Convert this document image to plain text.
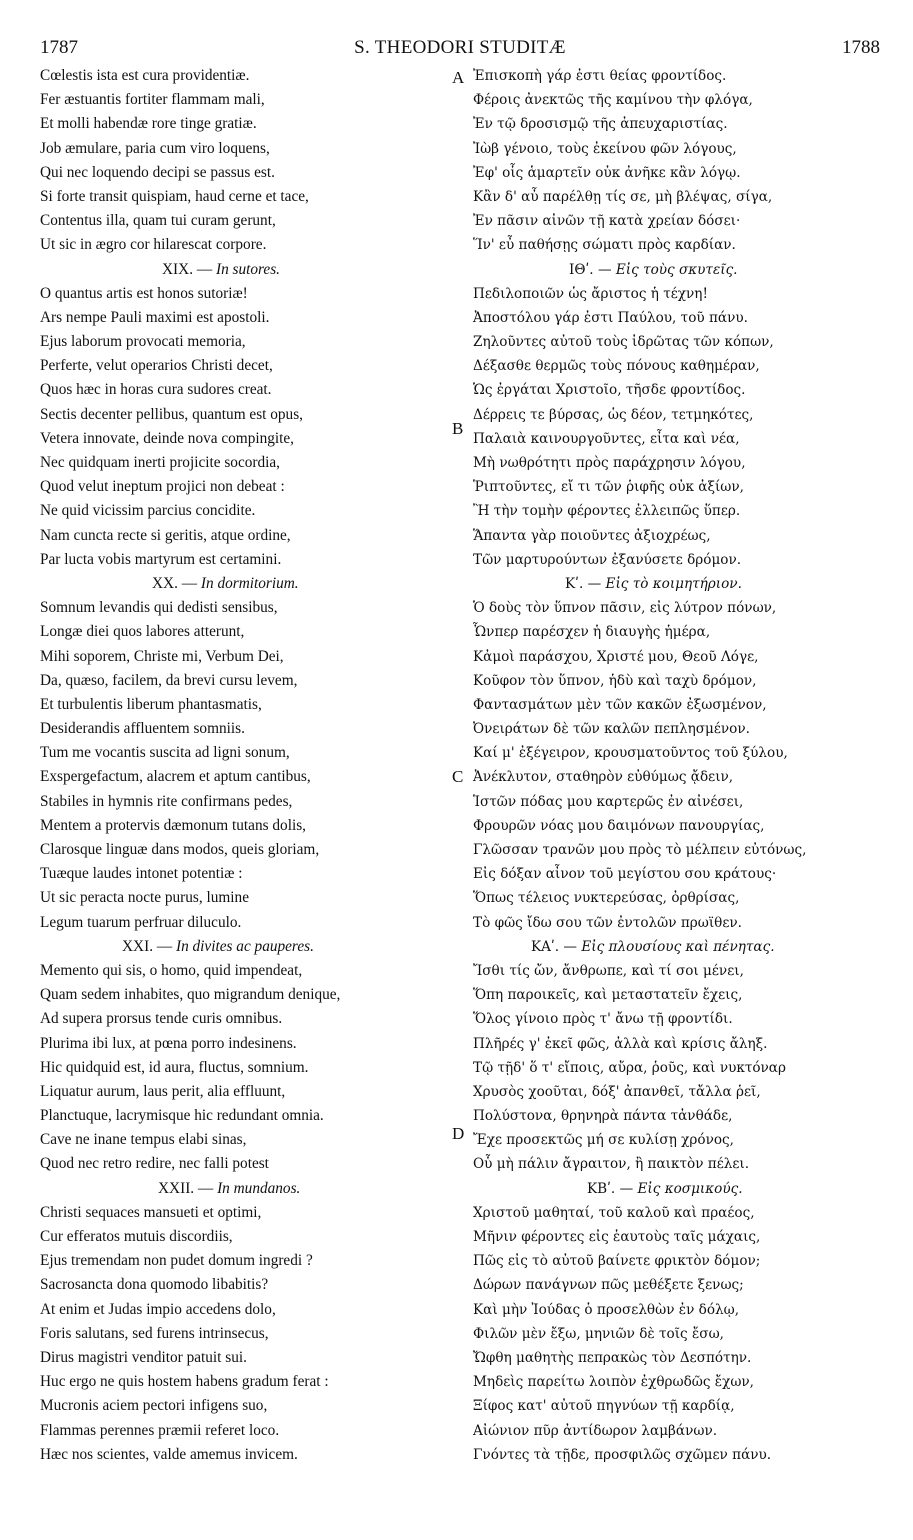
1787	S. THEODORI STUDITÆ	1788
A
B
C
D
Cœlestis ista est cura providentiæ.
Fer æstuantis fortiter flammam mali,
Et molli habendæ rore tinge gratiæ.
Job æmulare, paria cum viro loquens,
Qui nec loquendo decipi se passus est.
Si forte transit quispiam, haud cerne et tace,
Contentus illa, quam tui curam gerunt,
Ut sic in ægro cor hilarescat corpore.
XIX. — In sutores.
O quantus artis est honos sutoriæ!
Ars nempe Pauli maximi est apostoli.
Ejus laborum provocati memoria,
Perferte, velut operarios Christi decet,
Quos hæc in horas cura sudores creat.
Sectis decenter pellibus, quantum est opus,
Vetera innovate, deinde nova compingite,
Nec quidquam inerti projicite socordia,
Quod velut ineptum projici non debeat :
Ne quid vicissim parcius concidite.
Nam cuncta recte si geritis, atque ordine,
Par lucta vobis martyrum est certamini.
XX. — In dormitorium.
Somnum levandis qui dedisti sensibus,
Longæ diei quos labores atterunt,
Mihi soporem, Christe mi, Verbum Dei,
Da, quæso, facilem, da brevi cursu levem,
Et turbulentis liberum phantasmatis,
Desiderandis affluentem somniis.
Tum me vocantis suscita ad ligni sonum,
Exspergefactum, alacrem et aptum cantibus,
Stabiles in hymnis rite confirmans pedes,
Mentem a protervis dæmonum tutans dolis,
Clarosque linguæ dans modos, queis gloriam,
Tuæque laudes intonet potentiæ :
Ut sic peracta nocte purus, lumine
Legum tuarum perfruar diluculo.
XXI. — In divites ac pauperes.
Memento qui sis, o homo, quid impendeat,
Quam sedem inhabites, quo migrandum denique,
Ad supera prorsus tende curis omnibus.
Plurima ibi lux, at pœna porro indesinens.
Hic quidquid est, id aura, fluctus, somnium.
Liquatur aurum, laus perit, alia effluunt,
Planctuque, lacrymisque hic redundant omnia.
Cave ne inane tempus elabi sinas,
Quod nec retro redire, nec falli potest
XXII. — In mundanos.
Christi sequaces mansueti et optimi,
Cur efferatos mutuis discordiis,
Ejus tremendam non pudet domum ingredi ?
Sacrosancta dona quomodo libabitis?
At enim et Judas impio accedens dolo,
Foris salutans, sed furens intrinsecus,
Dirus magistri venditor patuit sui.
Huc ergo ne quis hostem habens gradum ferat :
Mucronis aciem pectori infigens suo,
Flammas perennes præmii referet loco.
Hæc nos scientes, valde amemus invicem.
Ἐπισκοπὴ γάρ ἐστι θείας φροντίδος.
Φέροις ἀνεκτῶς τῆς καμίνου τὴν φλόγα,
Ἐν τῷ δροσισμῷ τῆς ἀπευχαριστίας.
Ἰὼβ γένοιο, τοὺς ἐκείνου φῶν λόγους,
Ἐφ' οἷς ἁμαρτεῖν οὐκ ἀνῆκε κἂν λόγῳ.
Κἂν δ' αὖ παρέλθῃ τίς σε, μὴ βλέψας, σίγα,
Ἐν πᾶσιν αἰνῶν τῇ κατὰ χρείαν δόσει·
Ἵν' εὖ παθήσῃς σώματι πρὸς καρδίαν.
ΙΘʹ. — Εἰς τοὺς σκυτεῖς.
Πεδιλοποιῶν ὡς ἄριστος ἡ τέχνη!
Ἀποστόλου γάρ ἐστι Παύλου, τοῦ πάνυ.
Ζηλοῦντες αὐτοῦ τοὺς ἱδρῶτας τῶν κόπων,
Δέξασθε θερμῶς τοὺς πόνους καθημέραν,
Ὡς ἐργάται Χριστοῖο, τῆσδε φροντίδος.
Δέρρεις τε βύρσας, ὡς δέον, τετμηκότες,
Παλαιὰ καινουργοῦντες, εἶτα καὶ νέα,
Μὴ νωθρότητι πρὸς παράχρησιν λόγου,
Ῥιπτοῦντες, εἴ τι τῶν ῥιφῆς οὐκ ἀξίων,
Ἢ τὴν τομὴν φέροντες ἐλλειπῶς ὕπερ.
Ἅπαντα γὰρ ποιοῦντες ἀξιοχρέως,
Τῶν μαρτυρούντων ἐξανύσετε δρόμον.
Κʹ. — Εἰς τὸ κοιμητήριον.
Ὁ δοὺς τὸν ὕπνον πᾶσιν, εἰς λύτρον πόνων,
Ὧνπερ παρέσχεν ἡ διαυγὴς ἡμέρα,
Κἀμοὶ παράσχου, Χριστέ μου, Θεοῦ Λόγε,
Κοῦφον τὸν ὕπνον, ἡδὺ καὶ ταχὺ δρόμον,
Φαντασμάτων μὲν τῶν κακῶν ἐξωσμένον,
Ὀνειράτων δὲ τῶν καλῶν πεπλησμένον.
Καί μ' ἐξέγειρον, κρουσματοῦντος τοῦ ξύλου,
Ἀνέκλυτον, σταθηρὸν εὐθύμως ᾄδειν,
Ἱστῶν πόδας μου καρτερῶς ἐν αἰνέσει,
Φρουρῶν νόας μου δαιμόνων πανουργίας,
Γλῶσσαν τρανῶν μου πρὸς τὸ μέλπειν εὐτόνως,
Εἰς δόξαν αἶνον τοῦ μεγίστου σου κράτους·
Ὅπως τέλειος νυκτερεύσας, ὀρθρίσας,
Τὸ φῶς ἴδω σου τῶν ἐντολῶν πρωϊθεν.
ΚΑʹ. — Εἰς πλουσίους καὶ πένητας.
Ἴσθι τίς ὤν, ἄνθρωπε, καὶ τί σοι μένει,
Ὅπη παροικεῖς, καὶ μεταστατεῖν ἔχεις,
Ὅλος γίνοιο πρὸς τ' ἄνω τῇ φροντίδι.
Πλῆρές γ' ἐκεῖ φῶς, ἀλλὰ καὶ κρίσις ἄληξ.
Τῷ τῇδ' ὅ τ' εἴποις, αὔρα, ῥοῦς, καὶ νυκτόναρ
Χρυσὸς χοοῦται, δόξ' ἀπανθεῖ, τἄλλα ῥεῖ,
Πολύστονα, θρηνηρὰ πάντα τἀνθάδε,
Ἔχε προσεκτῶς μή σε κυλίσῃ χρόνος,
Οὗ μὴ πάλιν ἄγραιτον, ἢ παικτὸν πέλει.
ΚΒʹ. — Εἰς κοσμικούς.
Χριστοῦ μαθηταί, τοῦ καλοῦ καὶ πραέος,
Μῆνιν φέροντες εἰς ἑαυτοὺς ταῖς μάχαις,
Πῶς εἰς τὸ αὐτοῦ βαίνετε φρικτὸν δόμον;
Δώρων πανάγνων πῶς μεθέξετε ξενως;
Καὶ μὴν Ἰούδας ὁ προσελθὼν ἐν δόλῳ,
Φιλῶν μὲν ἔξω, μηνιῶν δὲ τοῖς ἔσω,
Ὤφθη μαθητὴς πεπρακὼς τὸν Δεσπότην.
Μηδεὶς παρείτω λοιπὸν ἐχθρωδῶς ἔχων,
Ξίφος κατ' αὐτοῦ πηγνύων τῇ καρδίᾳ,
Αἰώνιον πῦρ ἀντίδωρον λαμβάνων.
Γνόντες τὰ τῇδε, προσφιλῶς σχῶμεν πάνυ.
